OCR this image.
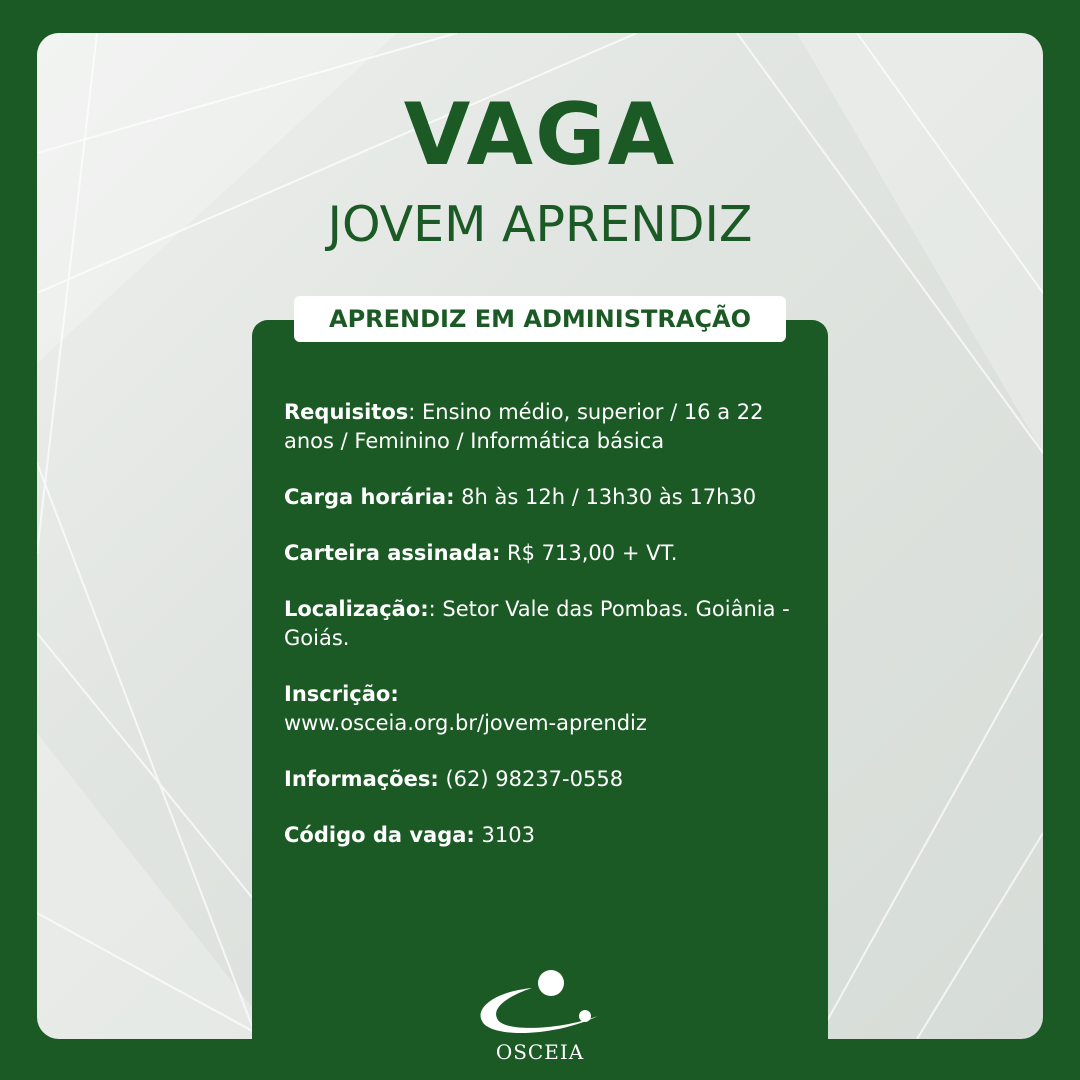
VAGA
JOVEM APRENDIZ
APRENDIZ EM ADMINISTRAÇÃO
Requisitos: Ensino médio, superior / 16 a 22 anos / Feminino / Informática básica
Carga horária: 8h às 12h / 13h30 às 17h30
Carteira assinada: R$ 713,00 + VT.
Localização:: Setor Vale das Pombas. Goiânia - Goiás.
Inscrição:
www.osceia.org.br/jovem-aprendiz
Informações: (62) 98237-0558
Código da vaga: 3103
OSCEIA
